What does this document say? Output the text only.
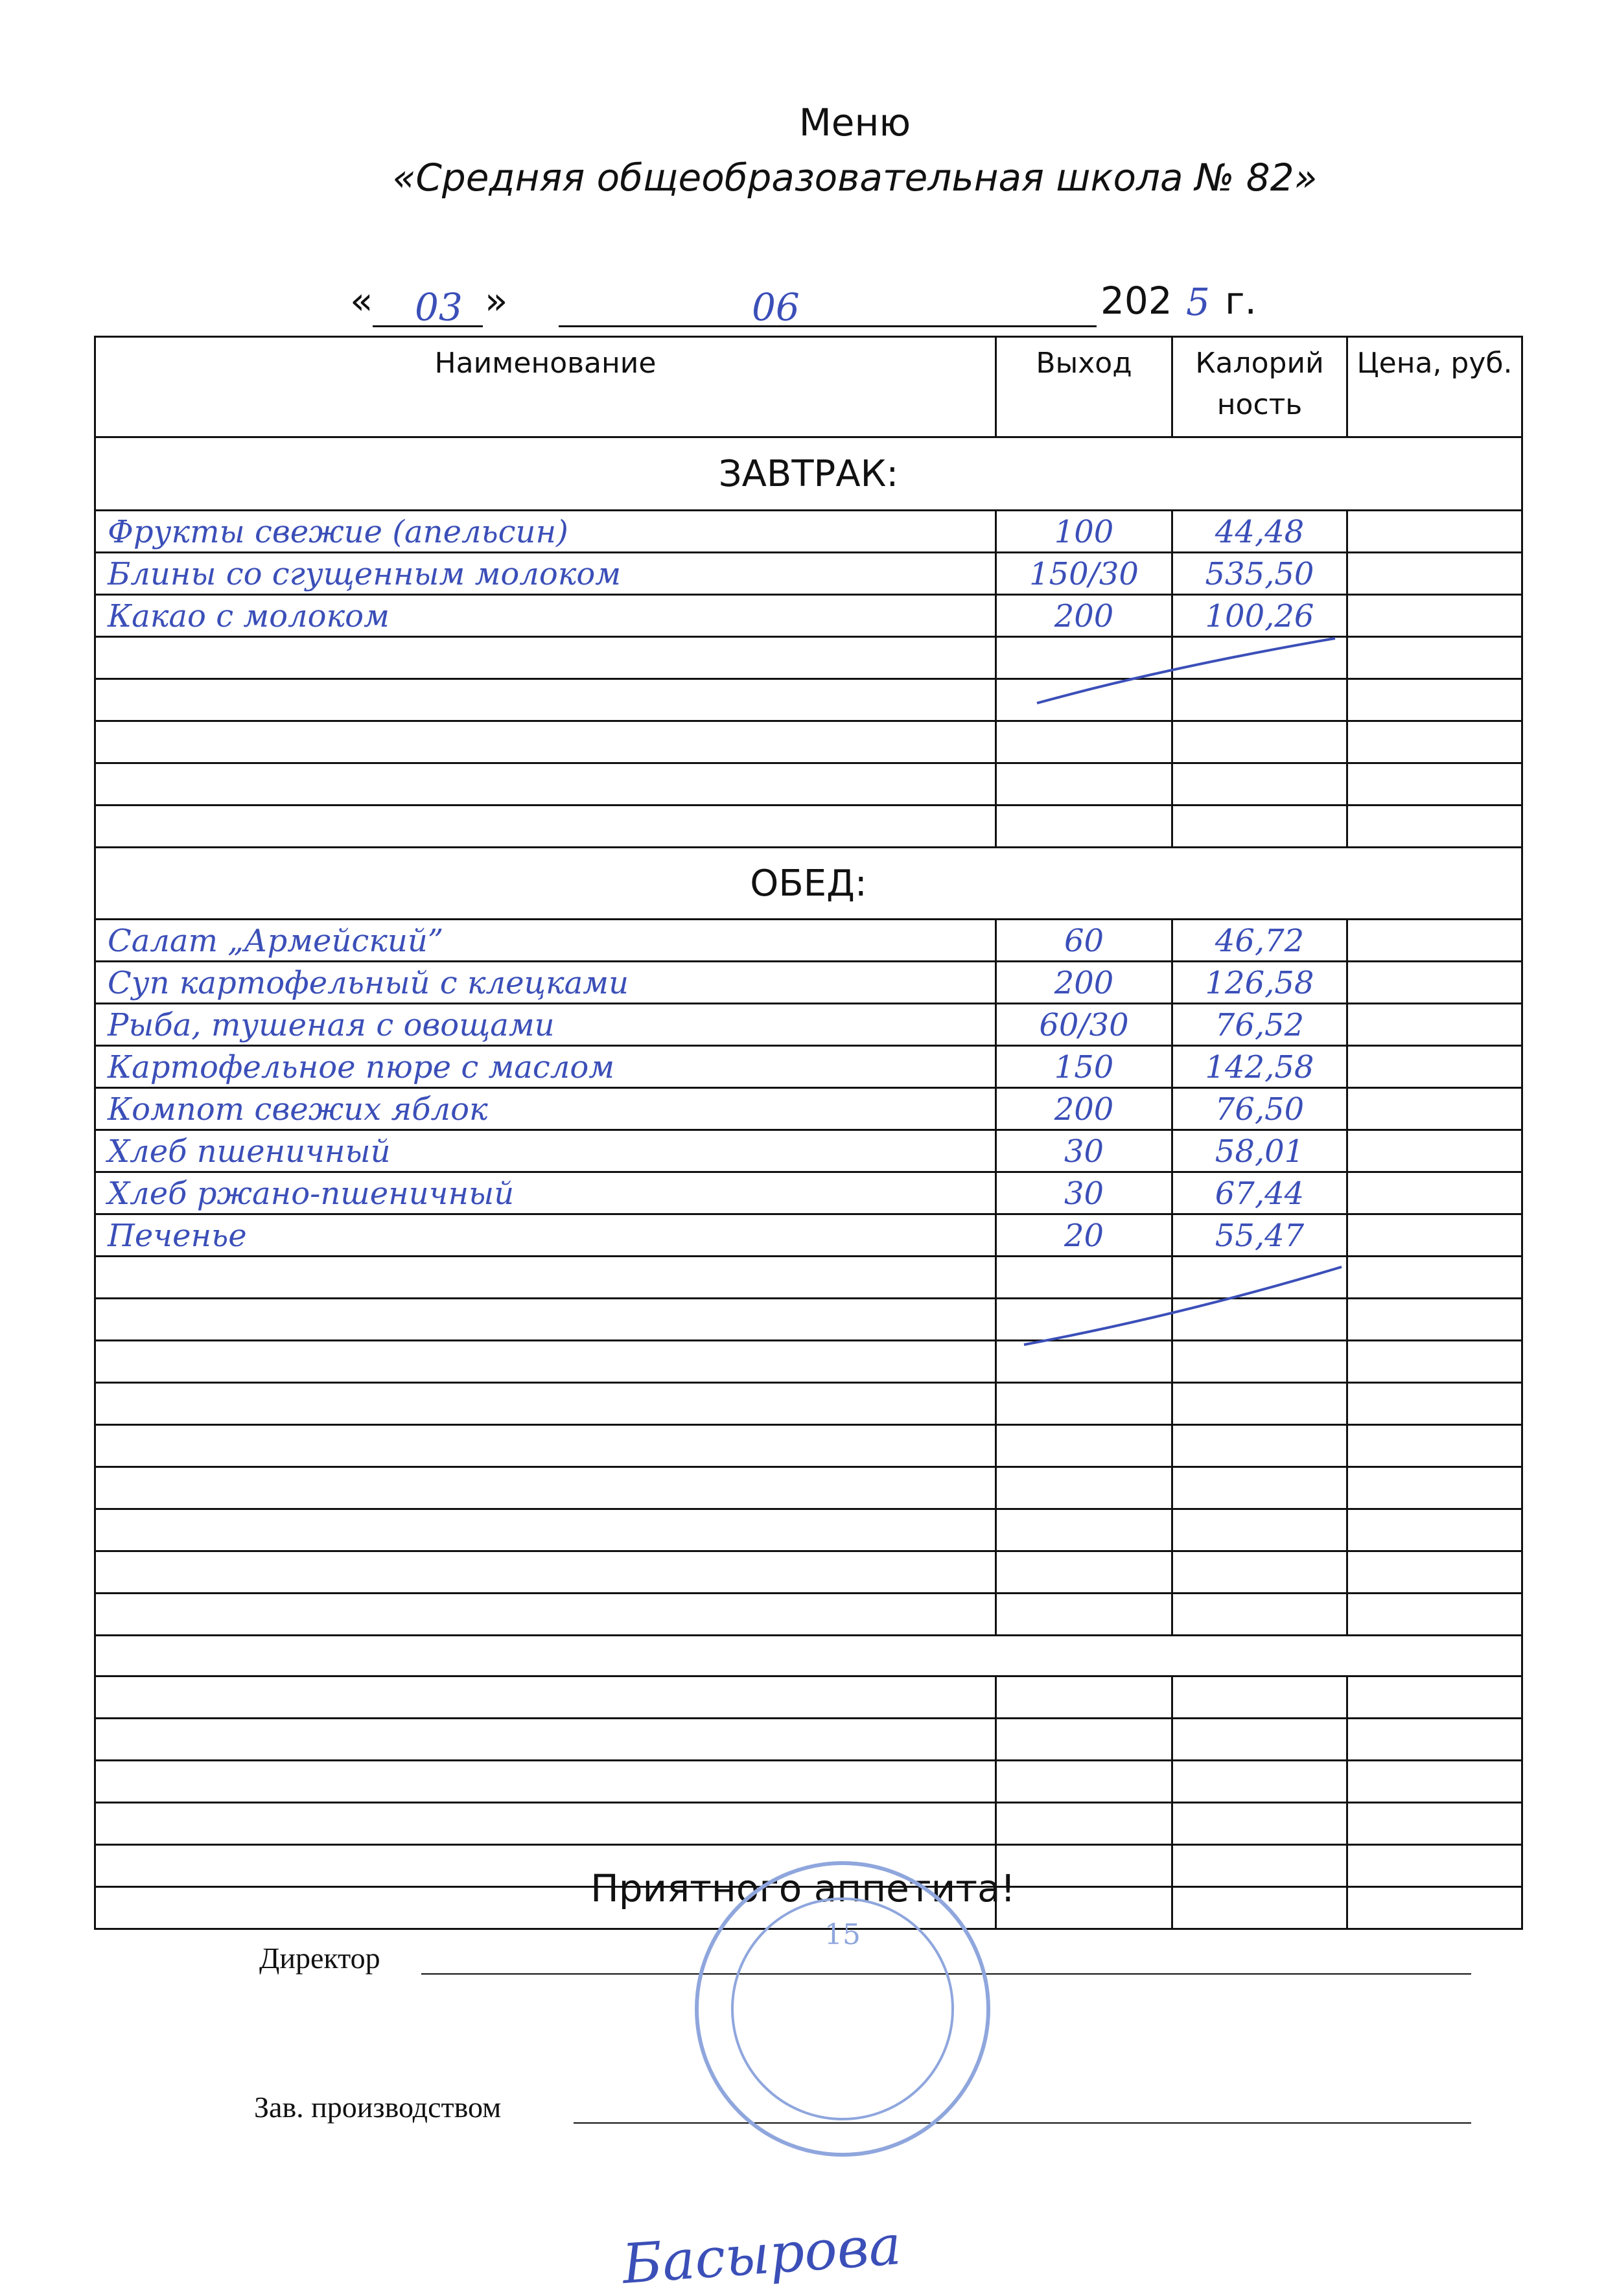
Меню
«Средняя общеобразовательная школа № 82»
« 03 »	06	202 5 г.
Наименование	Выход	Калорий ность	Цена, руб.
ЗАВТРАК:			
Фрукты свежие (апельсин)	100	44,48	
Блины со сгущенным молоком	150/30	535,50	
Какао с молоком	200	100,26	

ОБЕД:			
Салат „Армейский”	60	46,72	
Суп картофельный с клецками	200	126,58	
Рыба, тушеная с овощами	60/30	76,52	
Картофельное пюре с маслом	150	142,58	
Компот свежих яблок	200	76,50	
Хлеб пшеничный	30	58,01	
Хлеб ржано-пшеничный	30	67,44	
Печенье	20	55,47	

Приятного аппетита!
Директор
Зав. производством
15
Басырова
